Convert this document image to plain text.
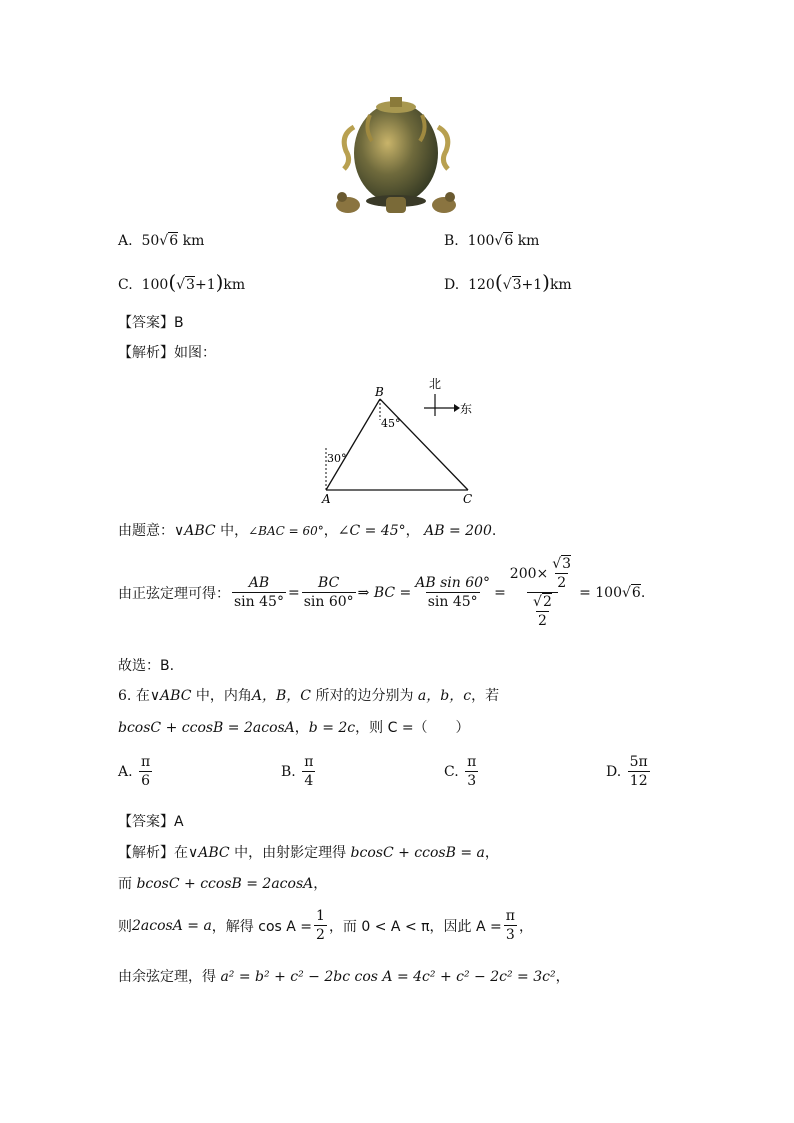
A. 50√6 km	B. 100√6 km
C. 100(√3+1)km	D. 120(√3+1)km
【答案】B
【解析】如图：
B
A	C
45°
30°
北
东
由题意：∨ABC 中，∠BAC = 60°，∠C = 45°， AB = 200.
由正弦定理可得： $\frac{AB}{\sin 45^\circ} = \frac{BC}{\sin 60^\circ}$ ⇒ BC = $\frac{\text{AB sin 60°}}{\sin 45^\circ} = \frac{200\times \frac{√3}{2}}{\frac{√2}{2}} = 100$ √ 6 .
故选：B.
6. 在∨ABC 中，内角A，B，C 所对的边分别为 a，b，c，若
bcosC + ccosB = 2acosA，b = 2c，则 C =（　　）
A.
$\frac{\pi}{6}$	B.
$\frac{\pi}{4}$	C.
$\frac{\pi}{3}$	D.
$\frac{5\pi}{12}$
【答案】A
【解析】在∨ABC 中，由射影定理得 bcosC + ccosB = a，
而 bcosC + ccosB = 2acosA，
则 2acosA = a ，解得 $\cos A = \frac{1}{2}$ ，而 0 < A < π，因此 $A = \frac{\pi}{3}$ ，
由余弦定理，得 a² = b² + c² − 2bc cos A = 4c² + c² − 2c² = 3c²，
